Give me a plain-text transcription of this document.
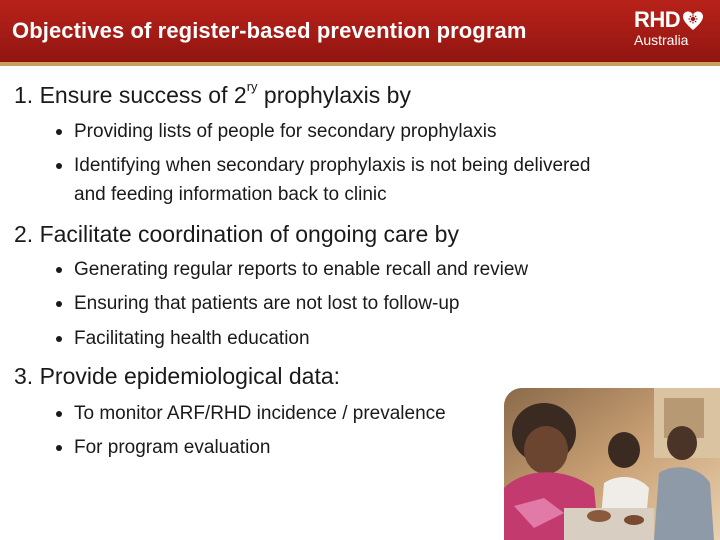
Objectives of register-based prevention program	RHD
Australia
1. Ensure success of $2^{ry}$ prophylaxis by
Providing lists of people for secondary prophylaxis
Identifying when secondary prophylaxis is not being delivered
and feeding information back to clinic
2. Facilitate coordination of ongoing care by
Generating regular reports to enable recall and review
Ensuring that patients are not lost to follow-up
Facilitating health education
3. Provide epidemiological data:
To monitor ARF/RHD incidence / prevalence
For program evaluation
